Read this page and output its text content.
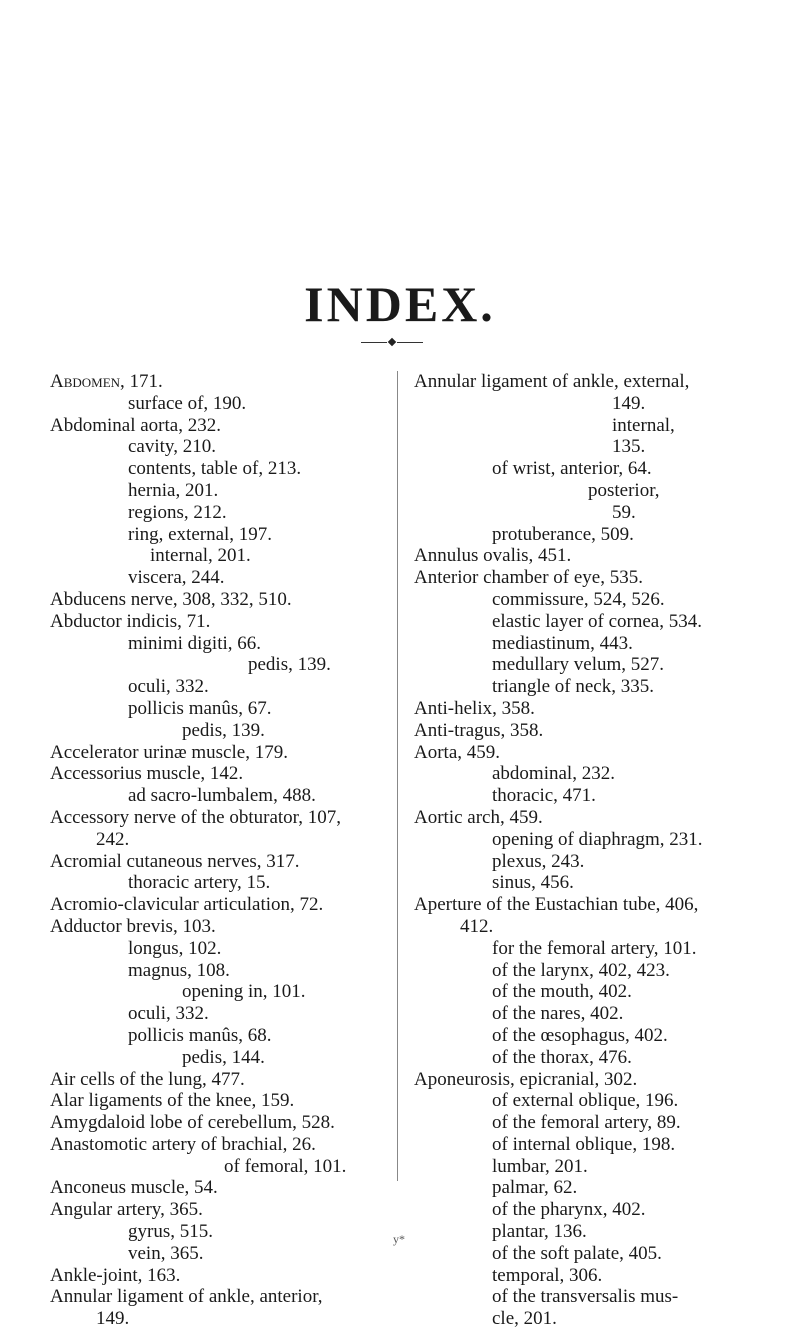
INDEX.
Abdomen, 171.
surface of, 190.
Abdominal aorta, 232.
cavity, 210.
contents, table of, 213.
hernia, 201.
regions, 212.
ring, external, 197.
internal, 201.
viscera, 244.
Abducens nerve, 308, 332, 510.
Abductor indicis, 71.
minimi digiti, 66.
pedis, 139.
oculi, 332.
pollicis manûs, 67.
pedis, 139.
Accelerator urinæ muscle, 179.
Accessorius muscle, 142.
ad sacro-lumbalem, 488.
Accessory nerve of the obturator, 107,
242.
Acromial cutaneous nerves, 317.
thoracic artery, 15.
Acromio-clavicular articulation, 72.
Adductor brevis, 103.
longus, 102.
magnus, 108.
opening in, 101.
oculi, 332.
pollicis manûs, 68.
pedis, 144.
Air cells of the lung, 477.
Alar ligaments of the knee, 159.
Amygdaloid lobe of cerebellum, 528.
Anastomotic artery of brachial, 26.
of femoral, 101.
Anconeus muscle, 54.
Angular artery, 365.
gyrus, 515.
vein, 365.
Ankle-joint, 163.
Annular ligament of ankle, anterior,
149.
Annular ligament of ankle, external,
149.
internal,
135.
of wrist, anterior, 64.
posterior,
59.
protuberance, 509.
Annulus ovalis, 451.
Anterior chamber of eye, 535.
commissure, 524, 526.
elastic layer of cornea, 534.
mediastinum, 443.
medullary velum, 527.
triangle of neck, 335.
Anti-helix, 358.
Anti-tragus, 358.
Aorta, 459.
abdominal, 232.
thoracic, 471.
Aortic arch, 459.
opening of diaphragm, 231.
plexus, 243.
sinus, 456.
Aperture of the Eustachian tube, 406,
412.
for the femoral artery, 101.
of the larynx, 402, 423.
of the mouth, 402.
of the nares, 402.
of the œsophagus, 402.
of the thorax, 476.
Aponeurosis, epicranial, 302.
of external oblique, 196.
of the femoral artery, 89.
of internal oblique, 198.
lumbar, 201.
palmar, 62.
of the pharynx, 402.
plantar, 136.
of the soft palate, 405.
temporal, 306.
of the transversalis mus-
cle, 201.
y*
